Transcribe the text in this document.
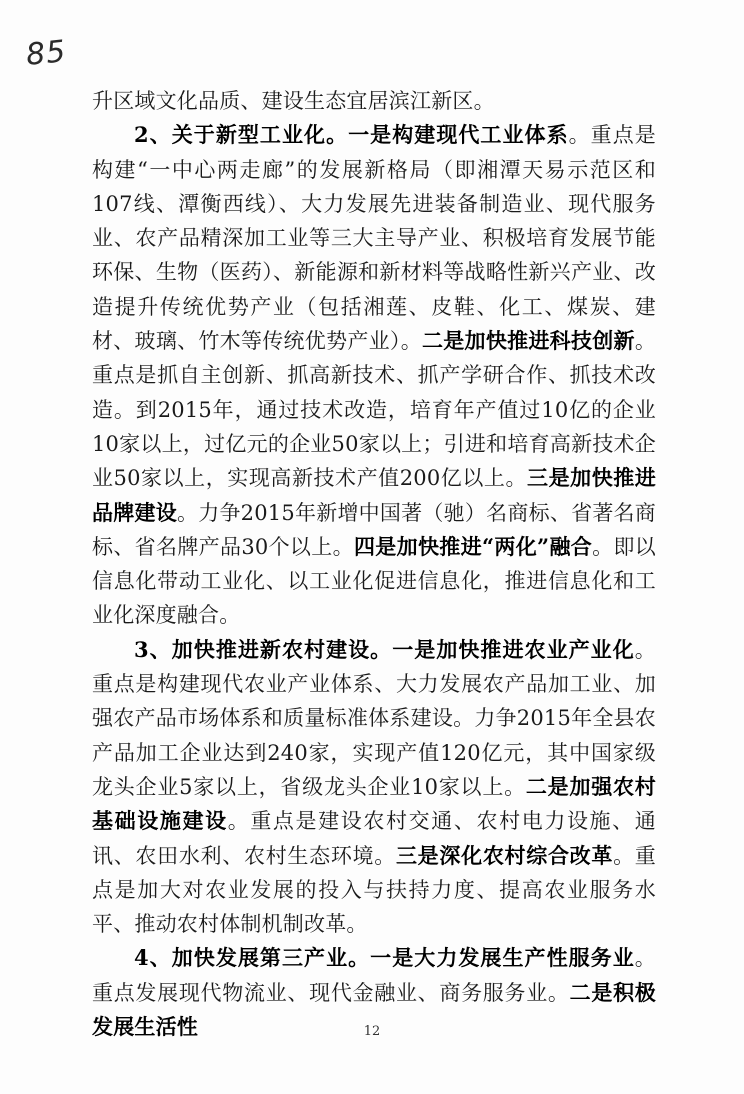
85

升区域文化品质、建设生态宜居滨江新区。

2、关于新型工业化。一是构建现代工业体系。重点是构建“一中心两走廊”的发展新格局（即湘潭天易示范区和107线、潭衡西线）、大力发展先进装备制造业、现代服务业、农产品精深加工业等三大主导产业、积极培育发展节能环保、生物（医药）、新能源和新材料等战略性新兴产业、改造提升传统优势产业（包括湘莲、皮鞋、化工、煤炭、建材、玻璃、竹木等传统优势产业）。二是加快推进科技创新。重点是抓自主创新、抓高新技术、抓产学研合作、抓技术改造。到2015年，通过技术改造，培育年产值过10亿的企业10家以上，过亿元的企业50家以上；引进和培育高新技术企业50家以上，实现高新技术产值200亿以上。三是加快推进品牌建设。力争2015年新增中国著（驰）名商标、省著名商标、省名牌产品30个以上。四是加快推进“两化”融合。即以信息化带动工业化、以工业化促进信息化，推进信息化和工业化深度融合。

3、加快推进新农村建设。一是加快推进农业产业化。重点是构建现代农业产业体系、大力发展农产品加工业、加强农产品市场体系和质量标准体系建设。力争2015年全县农产品加工企业达到240家，实现产值120亿元，其中国家级龙头企业5家以上，省级龙头企业10家以上。二是加强农村基础设施建设。重点是建设农村交通、农村电力设施、通讯、农田水利、农村生态环境。三是深化农村综合改革。重点是加大对农业发展的投入与扶持力度、提高农业服务水平、推动农村体制机制改革。

4、加快发展第三产业。一是大力发展生产性服务业。重点发展现代物流业、现代金融业、商务服务业。二是积极发展生活性	12
